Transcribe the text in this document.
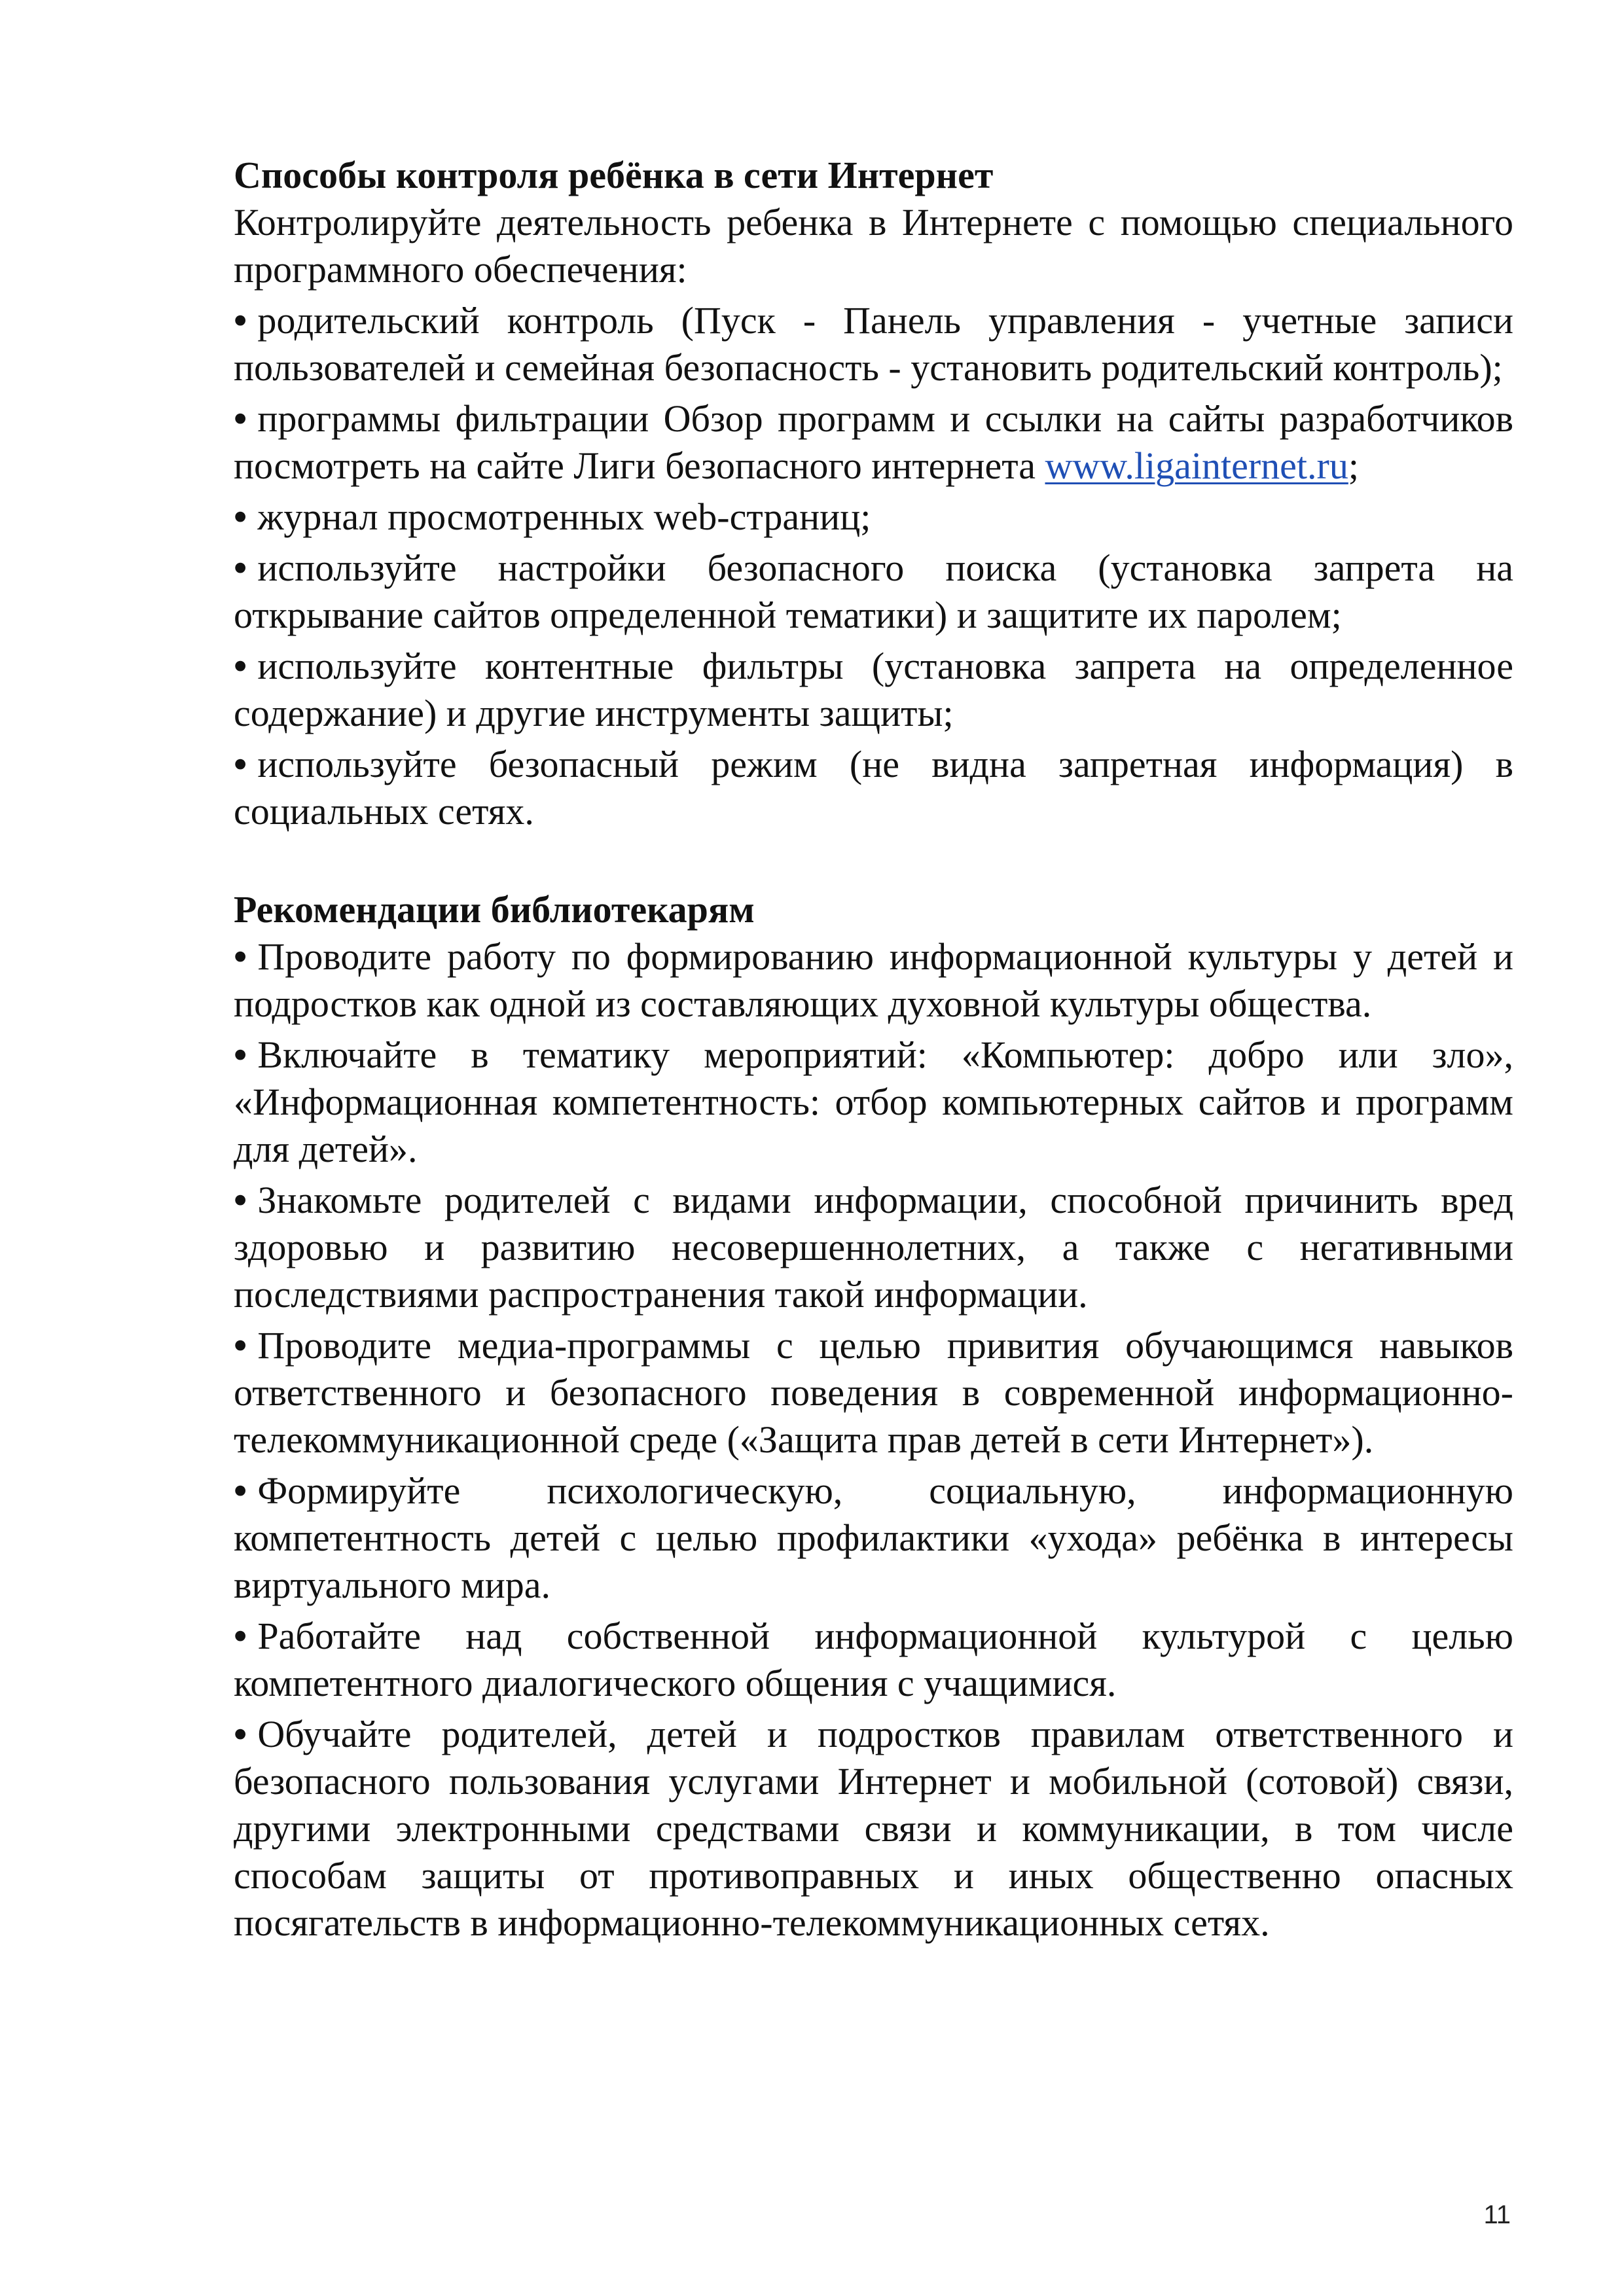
Способы контроля ребёнка в сети Интернет

Контролируйте деятельность ребенка в Интернете с помощью специального программного обеспечения:

• родительский контроль (Пуск - Панель управления - учетные записи пользователей и семейная безопасность - установить родительский контроль);
• программы фильтрации Обзор программ и ссылки на сайты разработчиков посмотреть на сайте Лиги безопасного интернета www.ligainternet.ru;
• журнал просмотренных web-страниц;
• используйте настройки безопасного поиска (установка запрета на открывание сайтов определенной тематики) и защитите их паролем;
• используйте контентные фильтры (установка запрета на определенное содержание) и другие инструменты защиты;
• используйте безопасный режим (не видна запретная информация) в социальных сетях.

Рекомендации библиотекарям

• Проводите работу по формированию информационной культуры у детей и подростков как одной из составляющих духовной культуры общества.
• Включайте в тематику мероприятий: «Компьютер: добро или зло», «Информационная компетентность: отбор компьютерных сайтов и программ для детей».
• Знакомьте родителей с видами информации, способной причинить вред здоровью и развитию несовершеннолетних, а также с негативными последствиями распространения такой информации.
• Проводите медиа-программы с целью привития обучающимся навыков ответственного и безопасного поведения в современной информационно-телекоммуникационной среде («Защита прав детей в сети Интернет»).
• Формируйте психологическую, социальную, информационную компетентность детей с целью профилактики «ухода» ребёнка в интересы виртуального мира.
• Работайте над собственной информационной культурой с целью компетентного диалогического общения с учащимися.
• Обучайте родителей, детей и подростков правилам ответственного и безопасного пользования услугами Интернет и мобильной (сотовой) связи, другими электронными средствами связи и коммуникации, в том числе способам защиты от противоправных и иных общественно опасных посягательств в информационно-телекоммуникационных сетях.
11
